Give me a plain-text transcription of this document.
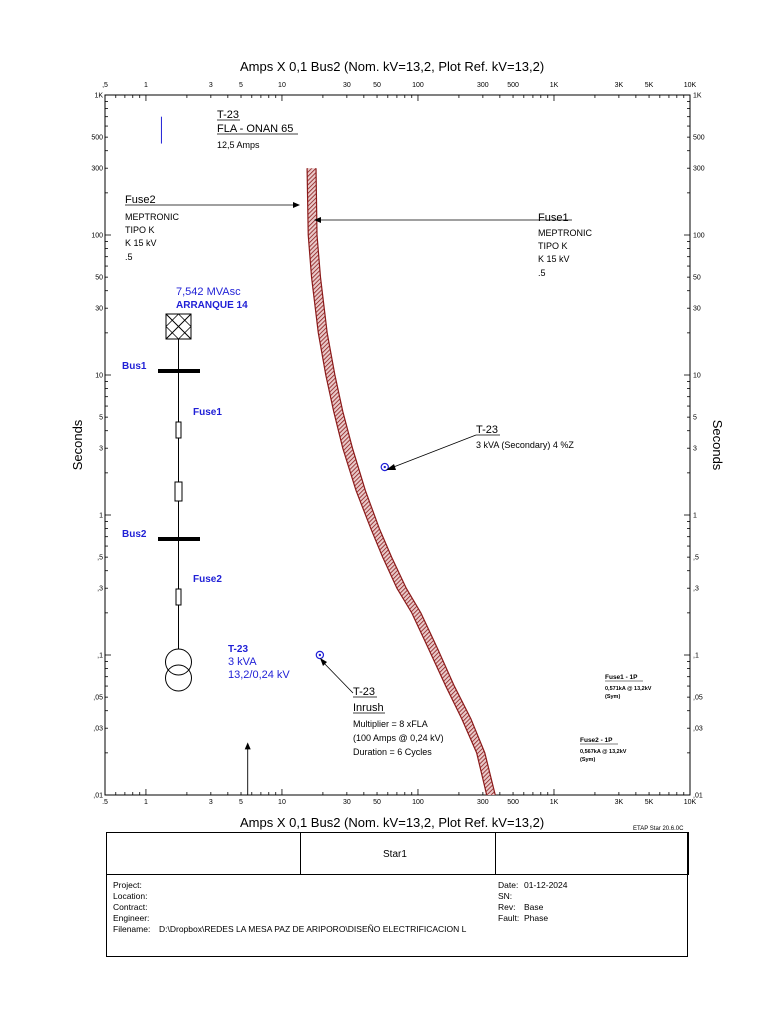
Amps X 0,1 Bus2 (Nom. kV=13,2, Plot Ref. kV=13,2)
Amps X 0,1 Bus2 (Nom. kV=13,2, Plot Ref. kV=13,2)	ETAP Star 20.6.0C
,5	1	3	5	10	30	50	100	300	500	1K	3K	5K	10K
.5	1	3	5	10	30	50	100	300	500	1K	3K	5K	10K
,01
,03
,05
,1
,3
,5
1
3
5
10
30
50
100
300
500
1K
,01
,03
,05
,1
,3
,5
1
3
5
10
30
50
100
300
500
1K
Seconds	Seconds
T-23
FLA - ONAN 65
12,5 Amps
Fuse2
MEPTRONIC
TIPO K
K 15 kV
.5
Fuse1
MEPTRONIC
TIPO K
K 15 kV
.5
T-23
3 kVA (Secondary) 4 %Z
T-23
Inrush
Multiplier = 8 xFLA
(100 Amps @ 0,24 kV)
Duration = 6 Cycles
Fuse1 - 1P
0,571kA @ 13,2kV
(Sym)
Fuse2 - 1P
0,567kA @ 13,2kV
(Sym)
7,542 MVAsc
ARRANQUE 14
Bus1
Fuse1
Bus2
Fuse2
T-23
3 kVA
13,2/0,24 kV
Star1
Project:
Location:
Contract:
Engineer:
Filename: D:\Dropbox\REDES LA MESA PAZ DE ARIPORO\DISEÑO ELECTRIFICACION L
Date: 01-12-2024
SN:
Rev: Base
Fault: Phase
